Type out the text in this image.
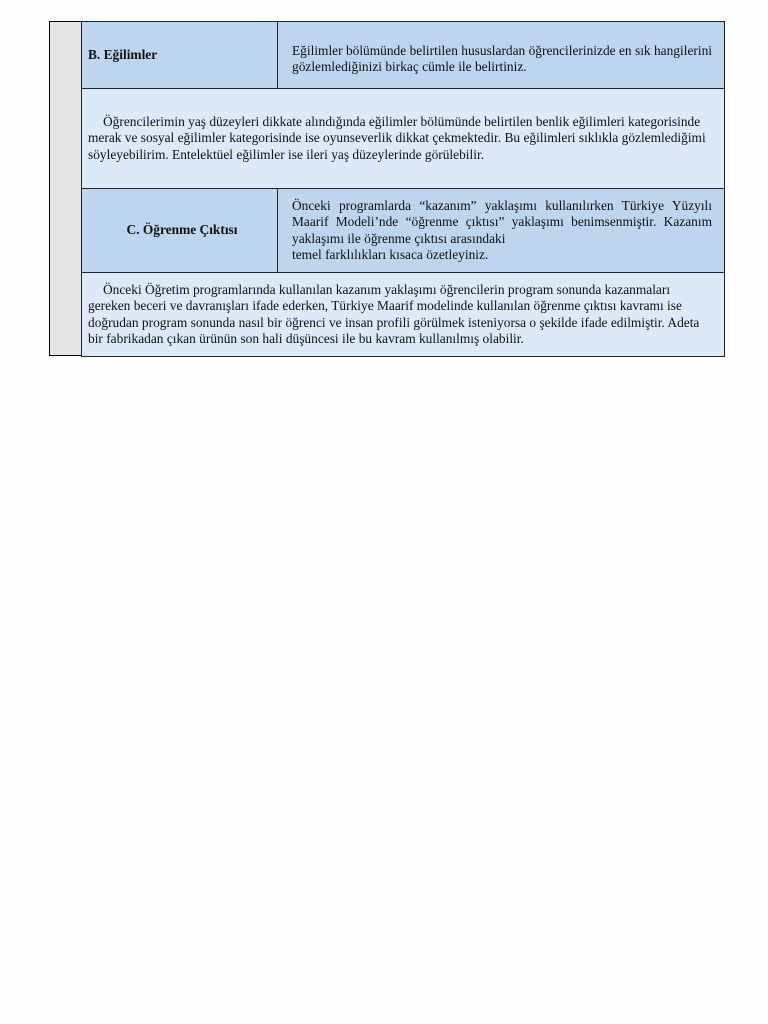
B. Eğilimler	Eğilimler bölümünde belirtilen hususlardan öğrencilerinizde en sık hangilerini gözlemlediğinizi birkaç cümle ile belirtiniz.
Öğrencilerimin yaş düzeyleri dikkate alındığında eğilimler bölümünde belirtilen benlik eğilimleri kategorisinde merak ve sosyal eğilimler kategorisinde ise oyunseverlik dikkat çekmektedir. Bu eğilimleri sıklıkla gözlemlediğimi söyleyebilirim. Entelektüel eğilimler ise ileri yaş düzeylerinde görülebilir.	
C. Öğrenme Çıktısı	Önceki programlarda “kazanım” yaklaşımı kullanılırken Türkiye Yüzyılı Maarif Modeli’nde “öğrenme çıktısı” yaklaşımı benimsenmiştir. Kazanım yaklaşımı ile öğrenme çıktısı arasındaki
temel farklılıkları kısaca özetleyiniz.

Önceki Öğretim programlarında kullanılan kazanım yaklaşımı öğrencilerin program sonunda kazanmaları gereken beceri ve davranışları ifade ederken, Türkiye Maarif modelinde kullanılan öğrenme çıktısı kavramı ise doğrudan program sonunda nasıl bir öğrenci ve insan profili görülmek isteniyorsa o şekilde ifade edilmiştir. Adeta bir fabrikadan çıkan ürünün son hali düşüncesi ile bu kavram kullanılmış olabilir.	
